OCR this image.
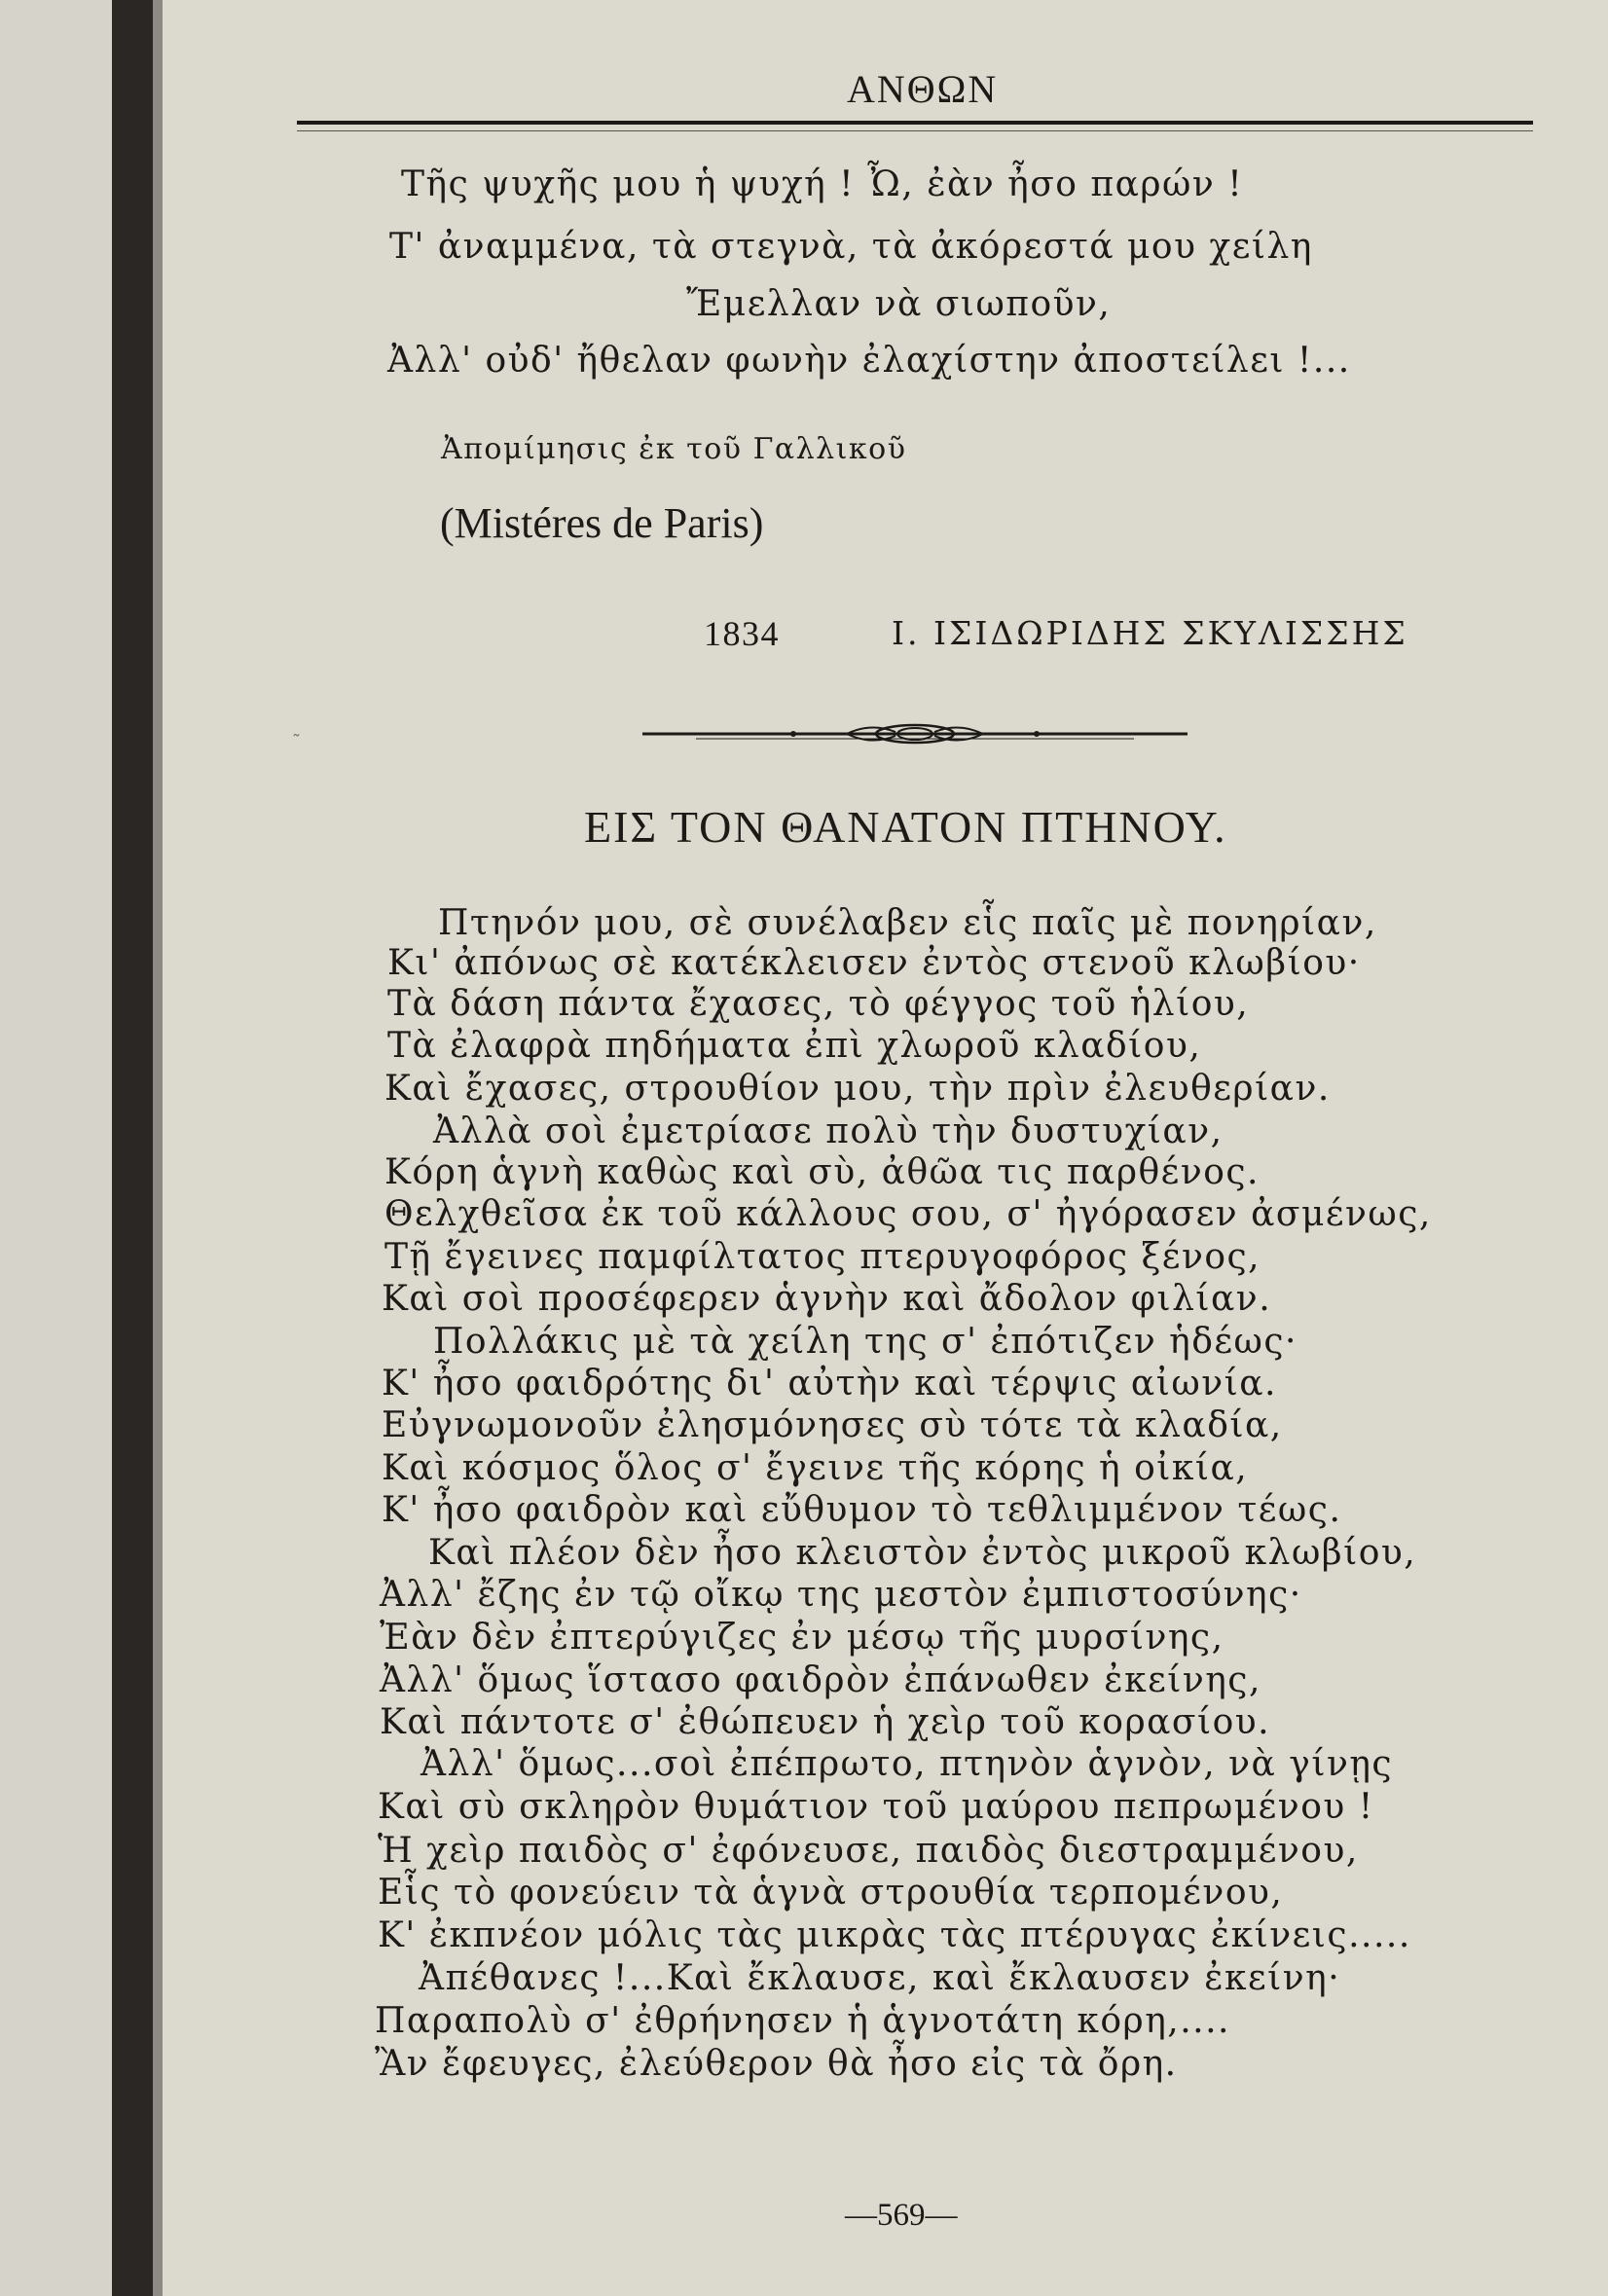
ΑΝΘΩΝ
Τῆς ψυχῆς μου ἡ ψυχή ! Ὦ, ἐὰν ἦσο παρών !
Τ' ἀναμμένα, τὰ στεγνὰ, τὰ ἀκόρεστά μου χείλη
Ἔμελλαν νὰ σιωποῦν,
Ἀλλ' οὐδ' ἤθελαν φωνὴν ἐλαχίστην ἀποστείλει !...
Ἀπομίμησις ἐκ τοῦ Γαλλικοῦ
(Mistéres de Paris)
1834	Ι. ΙΣΙΔΩΡΙΔΗΣ ΣΚΥΛΙΣΣΗΣ
˜
ΕΙΣ ΤΟΝ ΘΑΝΑΤΟΝ ΠΤΗΝΟΥ.
Πτηνόν μου, σὲ συνέλαβεν εἷς παῖς μὲ πονηρίαν,
Κι' ἀπόνως σὲ κατέκλεισεν ἐντὸς στενοῦ κλωβίου·
Τὰ δάση πάντα ἔχασες, τὸ φέγγος τοῦ ἡλίου,
Τὰ ἐλαφρὰ πηδήματα ἐπὶ χλωροῦ κλαδίου,
Καὶ ἔχασες, στρουθίον μου, τὴν πρὶν ἐλευθερίαν.
Ἀλλὰ σοὶ ἐμετρίασε πολὺ τὴν δυστυχίαν,
Κόρη ἁγνὴ καθὼς καὶ σὺ, ἀθῶα τις παρθένος.
Θελχθεῖσα ἐκ τοῦ κάλλους σου, σ' ἠγόρασεν ἀσμένως,
Τῇ ἔγεινες παμφίλτατος πτερυγοφόρος ξένος,
Καὶ σοὶ προσέφερεν ἁγνὴν καὶ ἄδολον φιλίαν.
Πολλάκις μὲ τὰ χείλη της σ' ἐπότιζεν ἡδέως·
Κ' ἦσο φαιδρότης δι' αὐτὴν καὶ τέρψις αἰωνία.
Εὐγνωμονοῦν ἐλησμόνησες σὺ τότε τὰ κλαδία,
Καὶ κόσμος ὅλος σ' ἔγεινε τῆς κόρης ἡ οἰκία,
Κ' ἦσο φαιδρὸν καὶ εὔθυμον τὸ τεθλιμμένον τέως.
Καὶ πλέον δὲν ἦσο κλειστὸν ἐντὸς μικροῦ κλωβίου,
Ἀλλ' ἔζης ἐν τῷ οἴκῳ της μεστὸν ἐμπιστοσύνης·
Ἐὰν δὲν ἐπτερύγιζες ἐν μέσῳ τῆς μυρσίνης,
Ἀλλ' ὅμως ἵστασο φαιδρὸν ἐπάνωθεν ἐκείνης,
Καὶ πάντοτε σ' ἐθώπευεν ἡ χεὶρ τοῦ κορασίου.
Ἀλλ' ὅμως...σοὶ ἐπέπρωτο, πτηνὸν ἁγνὸν, νὰ γίνῃς
Καὶ σὺ σκληρὸν θυμάτιον τοῦ μαύρου πεπρωμένου !
Ἡ χεὶρ παιδὸς σ' ἐφόνευσε, παιδὸς διεστραμμένου,
Εἷς τὸ φονεύειν τὰ ἁγνὰ στρουθία τερπομένου,
Κ' ἐκπνέον μόλις τὰς μικρὰς τὰς πτέρυγας ἐκίνεις.....
Ἀπέθανες !...Καὶ ἔκλαυσε, καὶ ἔκλαυσεν ἐκείνη·
Παραπολὺ σ' ἐθρήνησεν ἡ ἁγνοτάτη κόρη,....
Ἂν ἔφευγες, ἐλεύθερον θὰ ἦσο εἰς τὰ ὄρη.
—569—
